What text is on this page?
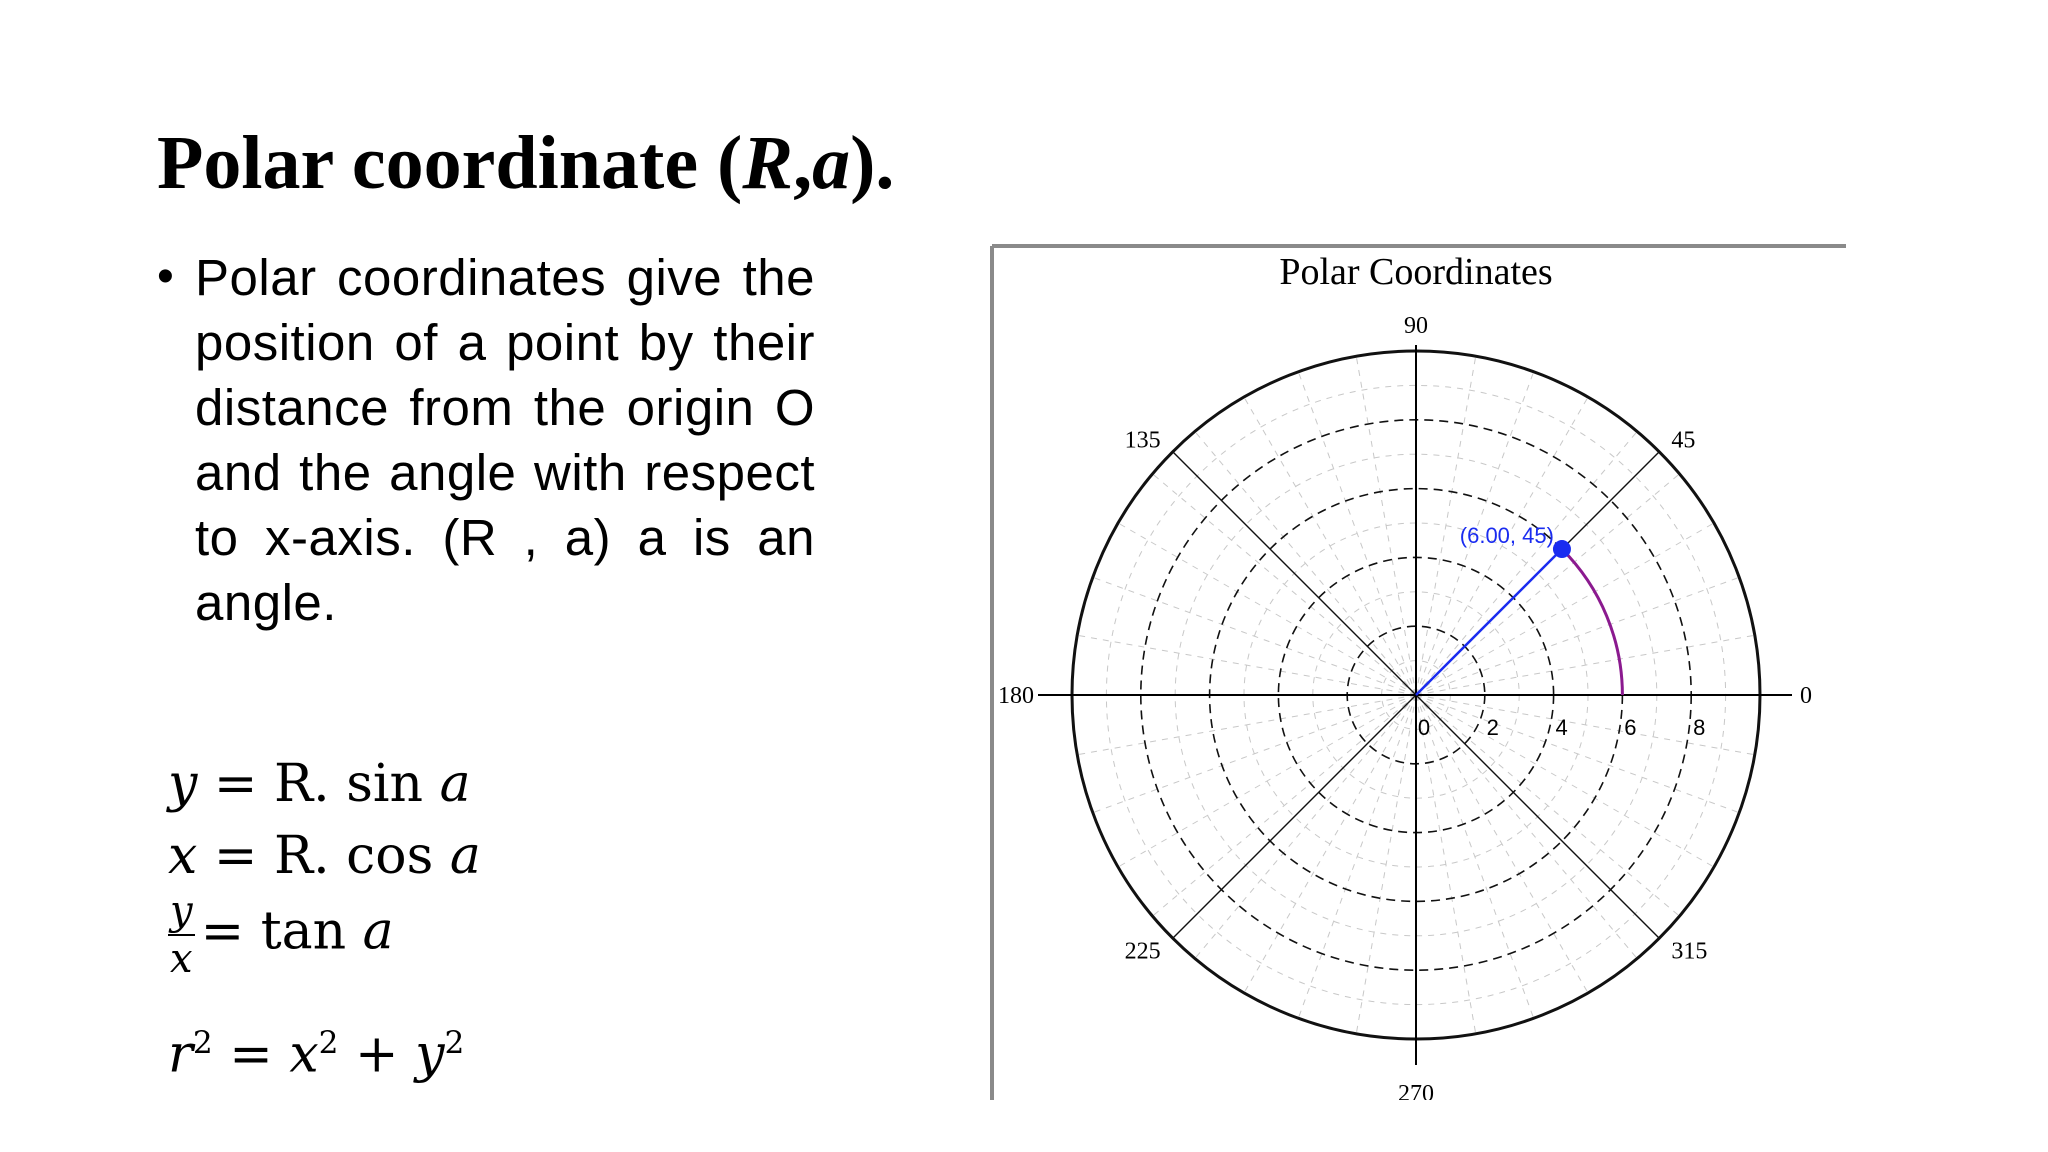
Polar coordinate (R,a).
• Polar coordinates give the position of a point by their distance from the origin O and the angle with respect to x-axis. (R , a) a is an angle.

y = R. sin a
x = R. cos a
$\frac{y}{x} = \tan a$
$r^2 = x^2 + y^2$
Polar Coordinates
90
45
0
135
180
225
270
315
0	2	4	6	8
(6.00, 45)
